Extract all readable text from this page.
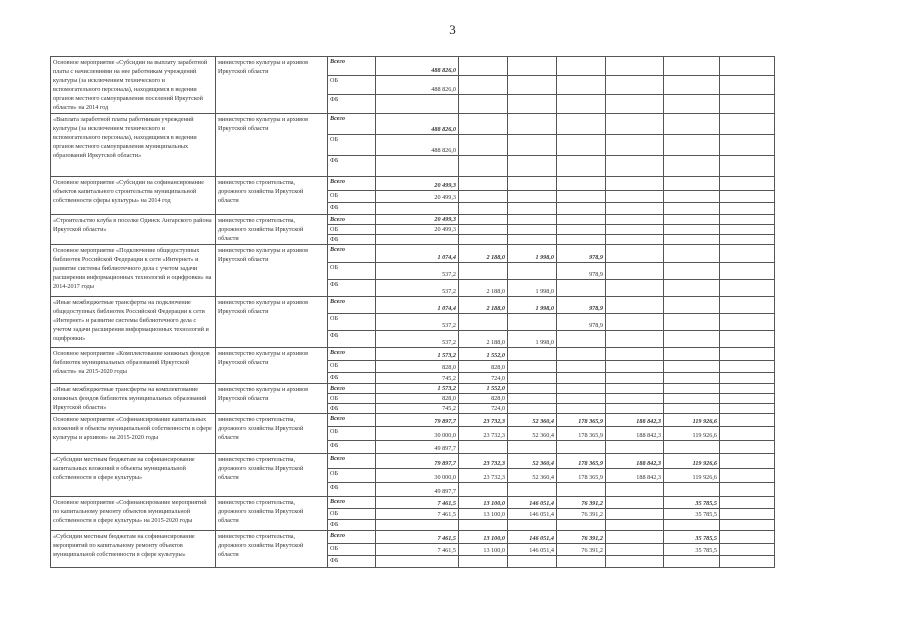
3
Основное мероприятие «Субсидии на выплату заработной платы с начислениями на нее работникам учреждений культуры (за исключением технического и вспомогательного персонала), находящимся в ведении органов местного самоуправления поселений Иркутской области» на 2014 год	министерство культуры и архивов Иркутской области	Всего	488 826,0						
		ОБ	488 826,0						
		ФБ							
«Выплата заработной платы работникам учреждений культуры (за исключением технического и вспомогательного персонала), находящимся в ведении органов местного самоуправления муниципальных образований Иркутской области»	министерство культуры и архивов Иркутской области	Всего	488 826,0						
		ОБ	488 826,0						
		ФБ							
Основное мероприятие «Субсидии на софинансирование объектов капитального строительства муниципальной собственности сферы культуры» на 2014 год	министерство строительства, дорожного хозяйства Иркутской области	Всего	20 499,3						
		ОБ	20 499,3						
		ФБ							
«Строительство клуба в поселке Одинск Ангарского района Иркутской области»	министерство строительства, дорожного хозяйства Иркутской области	Всего	20 499,3						
		ОБ	20 499,3						
		ФБ							
Основное мероприятие «Подключение общедоступных библиотек Российской Федерации к сети «Интернет» и развитие системы библиотечного дела с учетом задачи расширения информационных технологий и оцифровки» на 2014-2017 годы	министерство культуры и архивов Иркутской области	Всего	1 074,4	2 188,0	1 998,0	978,9			
		ОБ	537,2			978,9			
		ФБ	537,2	2 188,0	1 998,0				
«Иные межбюджетные трансферты на подключение общедоступных библиотек Российской Федерации к сети «Интернет» и развитие системы библиотечного дела с учетом задачи расширения информационных технологий и оцифровки»	министерство культуры и архивов Иркутской области	Всего	1 074,4	2 188,0	1 998,0	978,9			
		ОБ	537,2			978,9			
		ФБ	537,2	2 188,0	1 998,0				
Основное мероприятие «Комплектование книжных фондов библиотек муниципальных образований Иркутской области» на 2015-2020 годы	министерство культуры и архивов Иркутской области	Всего	1 573,2	1 552,0					
		ОБ	828,0	828,0					
		ФБ	745,2	724,0					
«Иные межбюджетные трансферты на комплектование книжных фондов библиотек муниципальных образований Иркутской области»	министерство культуры и архивов Иркутской области	Всего	1 573,2	1 552,0					
		ОБ	828,0	828,0					
		ФБ	745,2	724,0					
Основное мероприятие «Софинансирование капитальных вложений в объекты муниципальной собственности в сфере культуры и архивов» на 2015-2020 годы	министерство строительства, дорожного хозяйства Иркутской области	Всего	79 897,7	23 732,3	52 360,4	178 365,9	188 842,3	119 926,6	
		ОБ	30 000,0	23 732,3	52 360,4	178 365,9	188 842,3	119 926,6	
		ФБ	49 897,7						
«Субсидии местным бюджетам на софинансирование капитальных вложений в объекты муниципальной собственности в сфере культуры»	министерство строительства, дорожного хозяйства Иркутской области	Всего	79 897,7	23 732,3	52 360,4	178 365,9	188 842,3	119 926,6	
		ОБ	30 000,0	23 732,3	52 360,4	178 365,9	188 842,3	119 926,6	
		ФБ	49 897,7						
Основное мероприятие «Софинансирование мероприятий по капитальному ремонту объектов муниципальной собственности в сфере культуры» на 2015-2020 годы	министерство строительства, дорожного хозяйства Иркутской области	Всего	7 461,5	13 100,0	146 051,4	76 391,2		35 785,5	
		ОБ	7 461,5	13 100,0	146 051,4	76 391,2		35 785,5	
		ФБ							
«Субсидии местным бюджетам на софинансирование мероприятий по капитальному ремонту объектов муниципальной собственности в сфере культуры»	министерство строительства, дорожного хозяйства Иркутской области	Всего	7 461,5	13 100,0	146 051,4	76 391,2		35 785,5	
		ОБ	7 461,5	13 100,0	146 051,4	76 391,2		35 785,5	
		ФБ							
